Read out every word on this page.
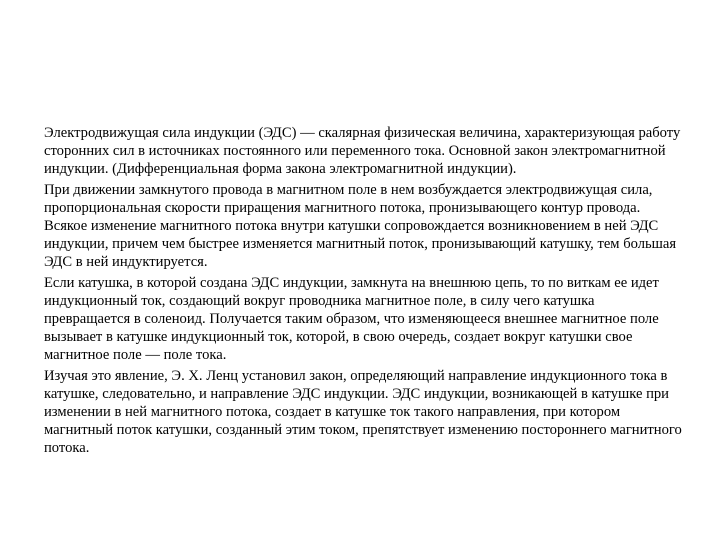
Электродвижущая сила индукции (ЭДС) — скалярная физическая величина, характеризующая работу сторонних сил в источниках постоянного или переменного тока. Основной закон электромагнитной индукции. (Дифференциальная форма закона электромагнитной индукции).

При движении замкнутого провода в магнитном поле в нем возбуждается электродвижущая сила, пропорциональная скорости приращения магнитного потока, пронизывающего контур провода. Всякое изменение магнитного потока внутри катушки сопровождается возникновением в ней ЭДС индукции, причем чем быстрее изменяется магнитный поток, пронизывающий катушку, тем большая ЭДС в ней индуктируется.

Если катушка, в которой создана ЭДС индукции, замкнута на внешнюю цепь, то по виткам ее идет индукционный ток, создающий вокруг проводника магнитное поле, в силу чего катушка превращается в соленоид. Получается таким образом, что изменяющееся внешнее магнитное поле вызывает в катушке индукционный ток, которой, в свою очередь, создает вокруг катушки свое магнитное поле — поле тока.

Изучая это явление, Э. Х. Ленц установил закон, определяющий направление индукционного тока в катушке, следовательно, и направление ЭДС индукции. ЭДС индукции, возникающей в катушке при изменении в ней магнитного потока, создает в катушке ток такого направления, при котором магнитный поток катушки, созданный этим током, препятствует изменению постороннего магнитного потока.
